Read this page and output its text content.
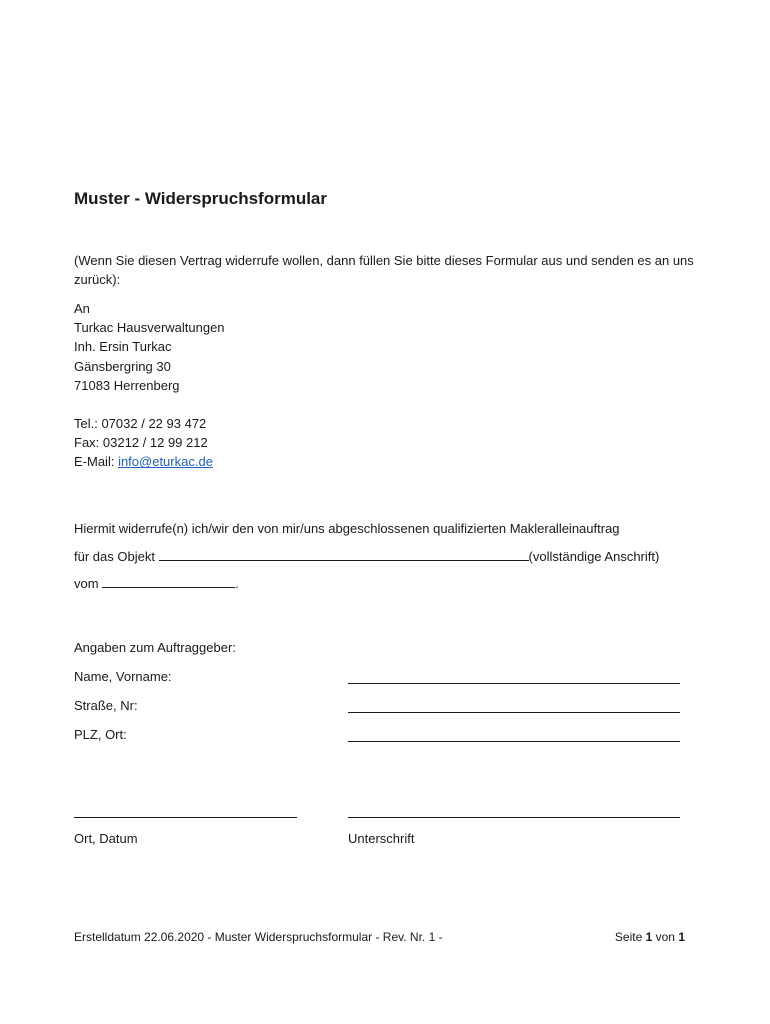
Muster - Widerspruchsformular
(Wenn Sie diesen Vertrag widerrufe wollen, dann füllen Sie bitte dieses Formular aus und senden es an uns zurück):
An
Turkac Hausverwaltungen
Inh. Ersin Turkac
Gänsbergring 30
71083 Herrenberg
Tel.: 07032 / 22 93 472
Fax: 03212 / 12 99 212
E-Mail: info@eturkac.de
Hiermit widerrufe(n) ich/wir den von mir/uns abgeschlossenen qualifizierten Makleralleinauftrag
für das Objekt	(vollständige Anschrift)
vom	.
Angaben zum Auftraggeber:
Name, Vorname:
Straße, Nr:
PLZ, Ort:
Ort, Datum	Unterschrift
Erstelldatum 22.06.2020 - Muster Widerspruchsformular - Rev. Nr. 1 -	Seite 1 von 1
